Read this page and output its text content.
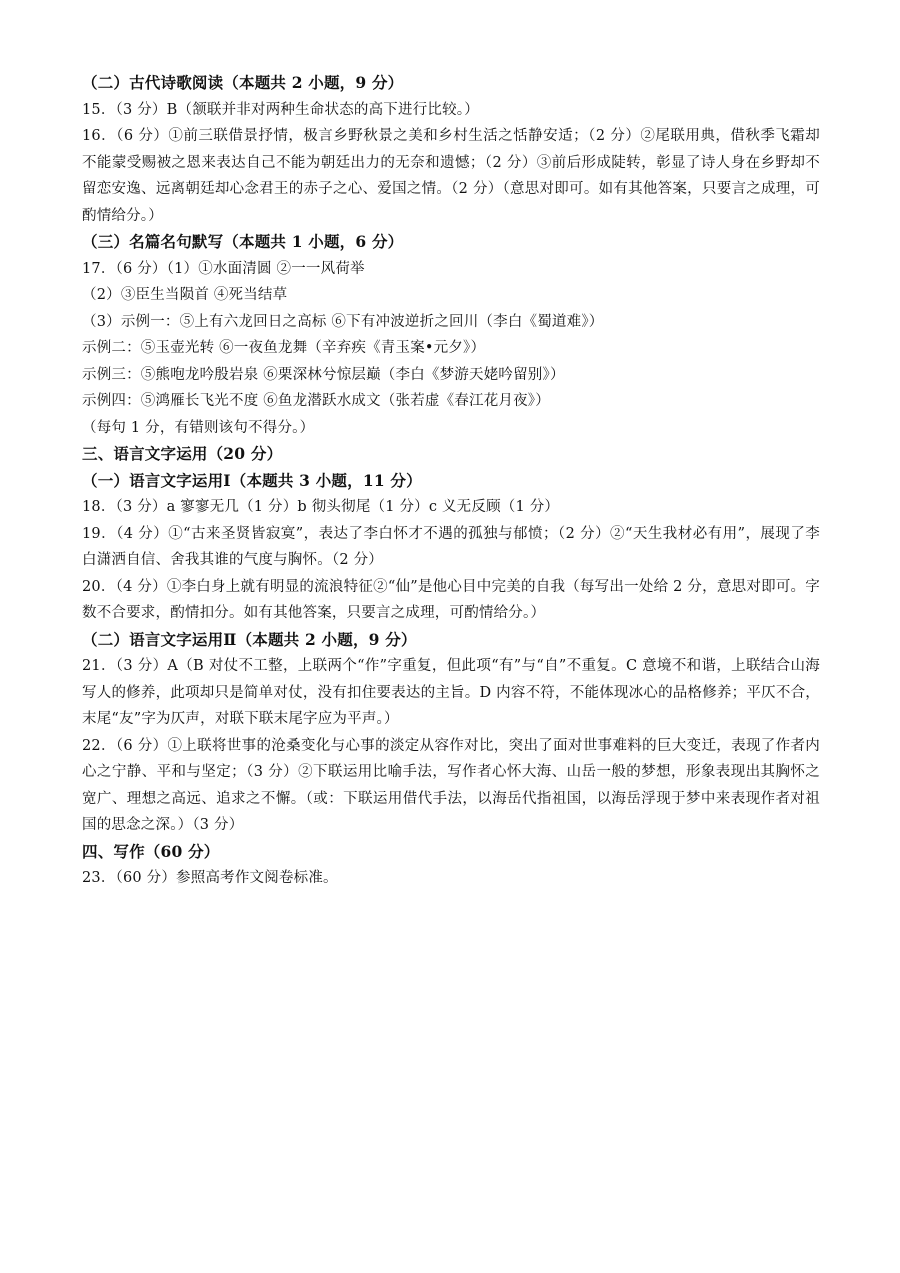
（二）古代诗歌阅读（本题共 2 小题，9 分）
15．（3 分）B（颔联并非对两种生命状态的高下进行比较。）
16．（6 分）①前三联借景抒情，极言乡野秋景之美和乡村生活之恬静安适；（2 分）②尾联用典，借秋季飞霜却不能蒙受赐被之恩来表达自己不能为朝廷出力的无奈和遗憾；（2 分）③前后形成陡转，彰显了诗人身在乡野却不留恋安逸、远离朝廷却心念君王的赤子之心、爱国之情。（2 分）（意思对即可。如有其他答案，只要言之成理，可酌情给分。）
（三）名篇名句默写（本题共 1 小题，6 分）
17．（6 分）（1）①水面清圆 ②一一风荷举
（2）③臣生当陨首 ④死当结草
（3）示例一：⑤上有六龙回日之高标 ⑥下有冲波逆折之回川（李白《蜀道难》）
示例二：⑤玉壶光转 ⑥一夜鱼龙舞（辛弃疾《青玉案•元夕》）
示例三：⑤熊咆龙吟殷岩泉 ⑥栗深林兮惊层巅（李白《梦游天姥吟留别》）
示例四：⑤鸿雁长飞光不度 ⑥鱼龙潜跃水成文（张若虚《春江花月夜》）
（每句 1 分，有错则该句不得分。）
三、语言文字运用（20 分）
（一）语言文字运用Ⅰ（本题共 3 小题，11 分）
18．（3 分）a 寥寥无几（1 分）b 彻头彻尾（1 分）c 义无反顾（1 分）
19．（4 分）①“古来圣贤皆寂寞”，表达了李白怀才不遇的孤独与郁愤；（2 分）②“天生我材必有用”，展现了李白潇洒自信、舍我其谁的气度与胸怀。（2 分）
20．（4 分）①李白身上就有明显的流浪特征②“仙”是他心目中完美的自我（每写出一处给 2 分，意思对即可。字数不合要求，酌情扣分。如有其他答案，只要言之成理，可酌情给分。）
（二）语言文字运用Ⅱ（本题共 2 小题，9 分）
21．（3 分）A（B 对仗不工整，上联两个“作”字重复，但此项“有”与“自”不重复。C 意境不和谐，上联结合山海写人的修养，此项却只是简单对仗，没有扣住要表达的主旨。D 内容不符，不能体现冰心的品格修养；平仄不合，末尾“友”字为仄声，对联下联末尾字应为平声。）
22．（6 分）①上联将世事的沧桑变化与心事的淡定从容作对比，突出了面对世事难料的巨大变迁，表现了作者内心之宁静、平和与坚定；（3 分）②下联运用比喻手法，写作者心怀大海、山岳一般的梦想，形象表现出其胸怀之宽广、理想之高远、追求之不懈。（或：下联运用借代手法，以海岳代指祖国，以海岳浮现于梦中来表现作者对祖国的思念之深。）（3 分）
四、写作（60 分）
23．（60 分）参照高考作文阅卷标准。
